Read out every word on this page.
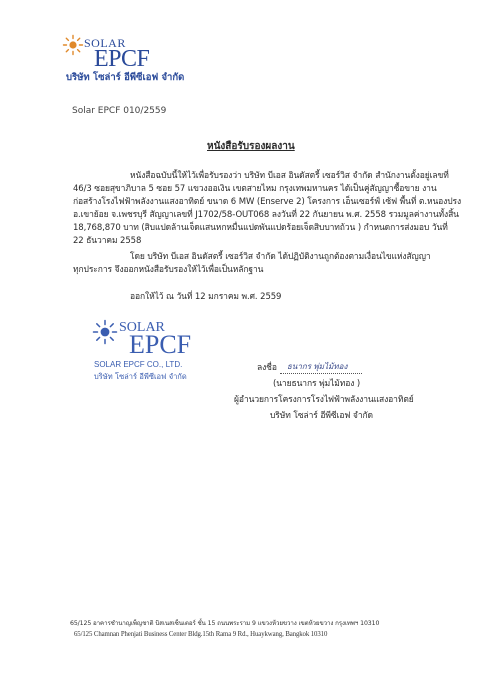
SOLAR
EPCF
บริษัท โซล่าร์ อีพีซีเอฟ จำกัด
Solar EPCF 010/2559
หนังสือรับรองผลงาน
หนังสือฉบับนี้ให้ไว้เพื่อรับรองว่า บริษัท บีเอส อินดัสตรี้ เซอร์วิส จำกัด สำนักงานตั้งอยู่เลขที่
46/3 ซอยสุขาภิบาล 5 ซอย 57 แขวงออเงิน เขตสายไหม กรุงเทพมหานคร ได้เป็นคู่สัญญาซื้อขาย งาน
ก่อสร้างโรงไฟฟ้าพลังงานแสงอาทิตย์ ขนาด 6 MW (Enserve 2) โครงการ เอ็นเซอร์ฟ์ เซ้ฟ พื้นที่ ต.หนองปรง
อ.เขาย้อย จ.เพชรบุรี สัญญาเลขที่ J1702/58-OUT068 ลงวันที่ 22 กันยายน พ.ศ. 2558 รวมมูลค่างานทั้งสิ้น
18,768,870 บาท (สิบแปดล้านเจ็ดแสนหกหมื่นแปดพันแปดร้อยเจ็ดสิบบาทถ้วน ) กำหนดการส่งมอบ วันที่
22 ธันวาคม 2558
โดย บริษัท บีเอส อินดัสตรี้ เซอร์วิส จำกัด ได้ปฏิบัติงานถูกต้องตามเงื่อนไขแห่งสัญญา
ทุกประการ จึงออกหนังสือรับรองให้ไว้เพื่อเป็นหลักฐาน
ออกให้ไว้ ณ วันที่ 12 มกราคม พ.ศ. 2559
SOLAR
EPCF
SOLAR EPCF CO., LTD.
บริษัท โซล่าร์ อีพีซีเอฟ จำกัด
ลงชื่อ ธนากร พุ่มไม้ทอง
(นายธนากร พุ่มไม้ทอง )
ผู้อำนวยการโครงการโรงไฟฟ้าพลังงานแสงอาทิตย์
บริษัท โซล่าร์ อีพีซีเอฟ จำกัด
65/125 อาคารชำนาญเพ็ญชาติ บิสเนสเซ็นเตอร์ ชั้น 15 ถนนพระราม 9 แขวงห้วยขวาง เขตห้วยขวาง กรุงเทพฯ 10310
65/125 Chamnan Phenjati Business Center Bldg.15th Rama 9 Rd., Huaykwang, Bangkok 10310
